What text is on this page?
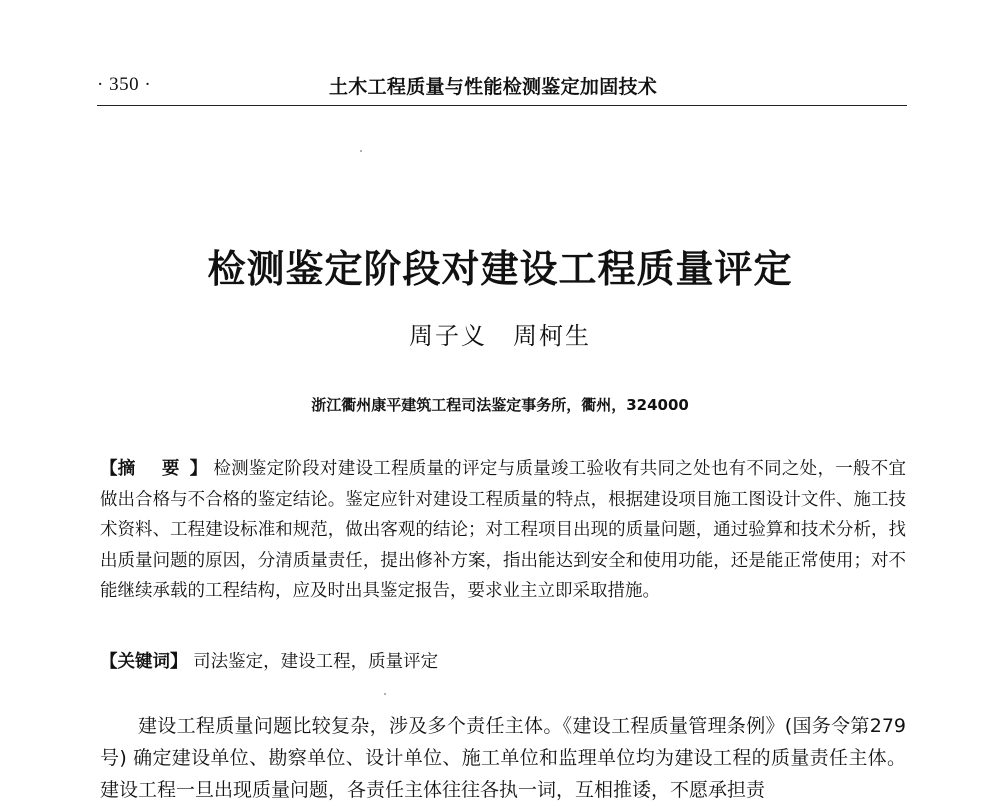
· 350 ·	土木工程质量与性能检测鉴定加固技术
检测鉴定阶段对建设工程质量评定
周子义 周柯生
浙江衢州康平建筑工程司法鉴定事务所，衢州，324000
【摘 要】 检测鉴定阶段对建设工程质量的评定与质量竣工验收有共同之处也有不同之处，一般不宜做出合格与不合格的鉴定结论。鉴定应针对建设工程质量的特点，根据建设项目施工图设计文件、施工技术资料、工程建设标准和规范，做出客观的结论；对工程项目出现的质量问题，通过验算和技术分析，找出质量问题的原因，分清质量责任，提出修补方案，指出能达到安全和使用功能，还是能正常使用；对不能继续承载的工程结构，应及时出具鉴定报告，要求业主立即采取措施。
【关键词】 司法鉴定，建设工程，质量评定

建设工程质量问题比较复杂，涉及多个责任主体。《建设工程质量管理条例》(国务令第279 号) 确定建设单位、勘察单位、设计单位、施工单位和监理单位均为建设工程的质量责任主体。建设工程一旦出现质量问题，各责任主体往往各执一词，互相推诿，不愿承担责
